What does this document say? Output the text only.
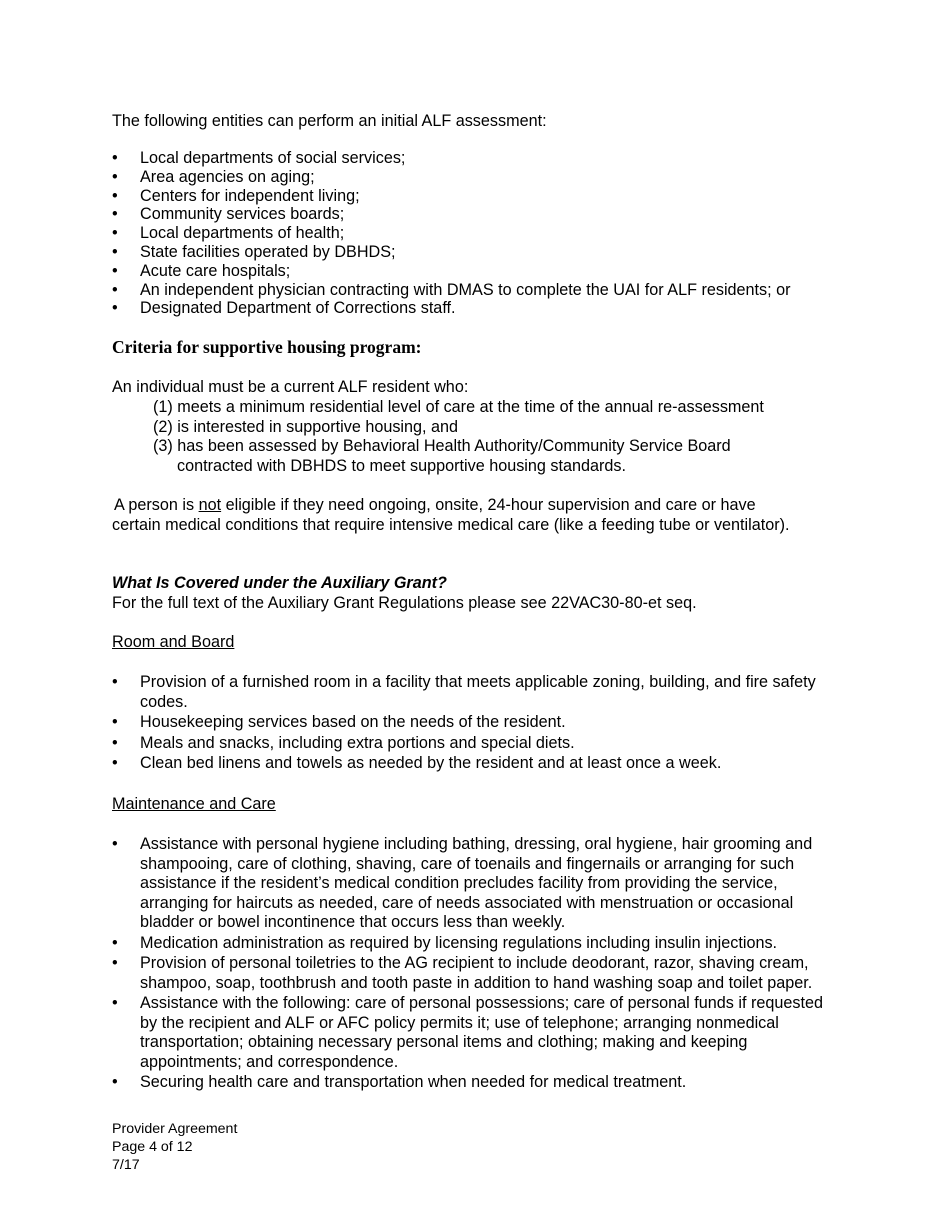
The following entities can perform an initial ALF assessment:
• Local departments of social services;
• Area agencies on aging;
• Centers for independent living;
• Community services boards;
• Local departments of health;
• State facilities operated by DBHDS;
• Acute care hospitals;
• An independent physician contracting with DMAS to complete the UAI for ALF residents; or
• Designated Department of Corrections staff.
Criteria for supportive housing program:
An individual must be a current ALF resident who:
(1) meets a minimum residential level of care at the time of the annual re-assessment
(2) is interested in supportive housing, and
(3) has been assessed by Behavioral Health Authority/Community Service Board
contracted with DBHDS to meet supportive housing standards.
A person is not eligible if they need ongoing, onsite, 24-hour supervision and care or have
certain medical conditions that require intensive medical care (like a feeding tube or ventilator).
What Is Covered under the Auxiliary Grant?
For the full text of the Auxiliary Grant Regulations please see 22VAC30-80-et seq.
Room and Board
• Provision of a furnished room in a facility that meets applicable zoning, building, and fire safety codes.
• Housekeeping services based on the needs of the resident.
• Meals and snacks, including extra portions and special diets.
• Clean bed linens and towels as needed by the resident and at least once a week.
Maintenance and Care
• Assistance with personal hygiene including bathing, dressing, oral hygiene, hair grooming and shampooing, care of clothing, shaving, care of toenails and fingernails or arranging for such assistance if the resident’s medical condition precludes facility from providing the service, arranging for haircuts as needed, care of needs associated with menstruation or occasional bladder or bowel incontinence that occurs less than weekly.
• Medication administration as required by licensing regulations including insulin injections.
• Provision of personal toiletries to the AG recipient to include deodorant, razor, shaving cream, shampoo, soap, toothbrush and tooth paste in addition to hand washing soap and toilet paper.
• Assistance with the following: care of personal possessions; care of personal funds if requested by the recipient and ALF or AFC policy permits it; use of telephone; arranging nonmedical transportation; obtaining necessary personal items and clothing; making and keeping appointments; and correspondence.
• Securing health care and transportation when needed for medical treatment.
Provider Agreement
Page 4 of 12
7/17
